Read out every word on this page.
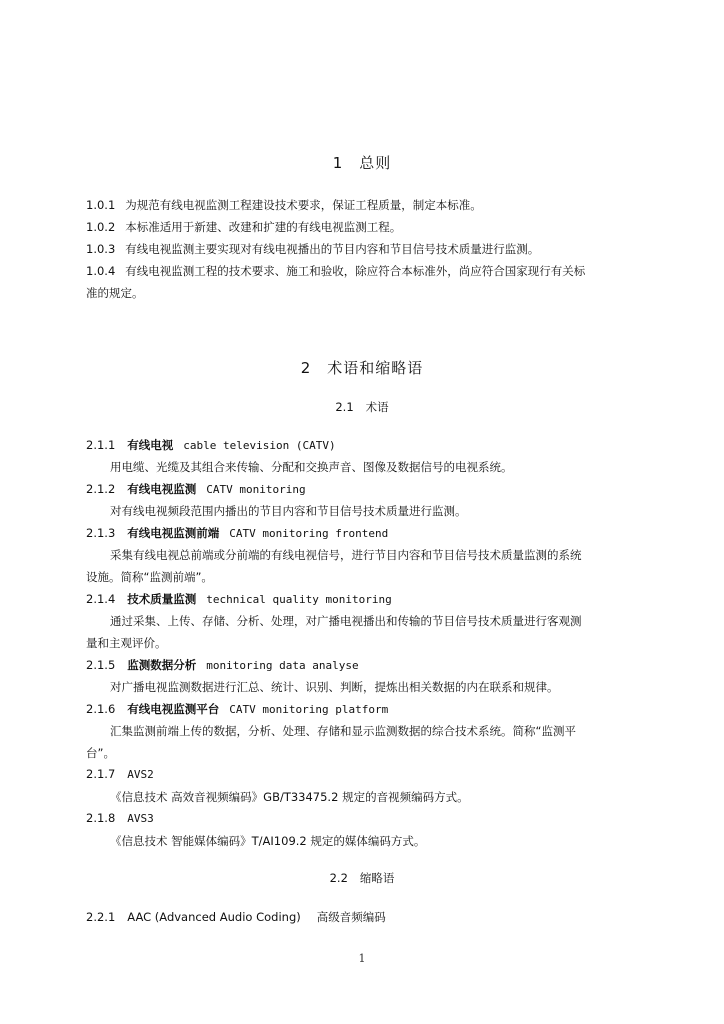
1 总则
1.0.1 为规范有线电视监测工程建设技术要求，保证工程质量，制定本标准。
1.0.2 本标准适用于新建、改建和扩建的有线电视监测工程。
1.0.3 有线电视监测主要实现对有线电视播出的节目内容和节目信号技术质量进行监测。
1.0.4 有线电视监测工程的技术要求、施工和验收，除应符合本标准外，尚应符合国家现行有关标
准的规定。
2 术语和缩略语
2.1 术语
2.1.1 有线电视 cable television (CATV)
用电缆、光缆及其组合来传输、分配和交换声音、图像及数据信号的电视系统。
2.1.2 有线电视监测 CATV monitoring
对有线电视频段范围内播出的节目内容和节目信号技术质量进行监测。
2.1.3 有线电视监测前端 CATV monitoring frontend
采集有线电视总前端或分前端的有线电视信号，进行节目内容和节目信号技术质量监测的系统
设施。简称“监测前端”。
2.1.4 技术质量监测 technical quality monitoring
通过采集、上传、存储、分析、处理，对广播电视播出和传输的节目信号技术质量进行客观测
量和主观评价。
2.1.5 监测数据分析 monitoring data analyse
对广播电视监测数据进行汇总、统计、识别、判断，提炼出相关数据的内在联系和规律。
2.1.6 有线电视监测平台 CATV monitoring platform
汇集监测前端上传的数据，分析、处理、存储和显示监测数据的综合技术系统。简称“监测平
台”。
2.1.7 AVS2
《信息技术 高效音视频编码》GB/T33475.2 规定的音视频编码方式。
2.1.8 AVS3
《信息技术 智能媒体编码》T/AI109.2 规定的媒体编码方式。
2.2 缩略语
2.2.1 AAC (Advanced Audio Coding) 高级音频编码
1
